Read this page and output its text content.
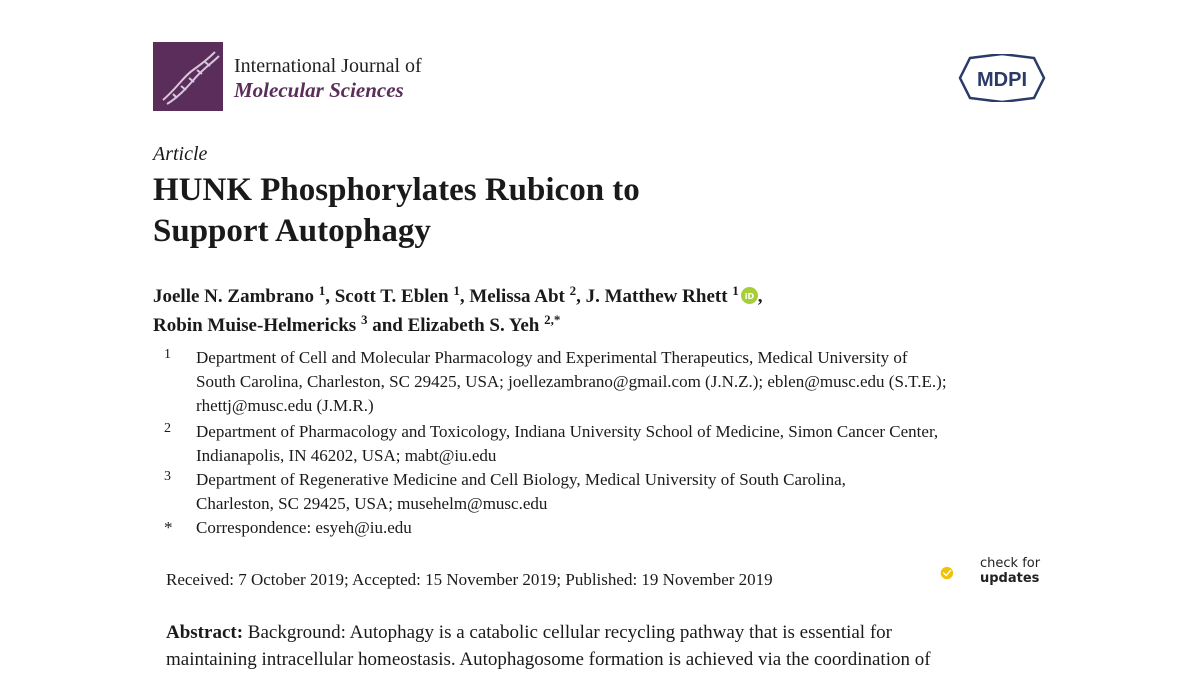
International Journal of
Molecular Sciences	MDPI
Article
HUNK Phosphorylates Rubicon to
Support Autophagy
Joelle N. Zambrano $^1$, Scott T. Eblen $^1$, Melissa Abt $^2$, J. Matthew Rhett $^1$ iD ,
Robin Muise-Helmericks $^3$ and Elizabeth S. Yeh $^{2,*}$
1 Department of Cell and Molecular Pharmacology and Experimental Therapeutics, Medical University of
South Carolina, Charleston, SC 29425, USA; joellezambrano@gmail.com (J.N.Z.); eblen@musc.edu (S.T.E.);
rhettj@musc.edu (J.M.R.)
2 Department of Pharmacology and Toxicology, Indiana University School of Medicine, Simon Cancer Center,
Indianapolis, IN 46202, USA; mabt@iu.edu
3 Department of Regenerative Medicine and Cell Biology, Medical University of South Carolina,
Charleston, SC 29425, USA; musehelm@musc.edu
* Correspondence: esyeh@iu.edu
Received: 7 October 2019; Accepted: 15 November 2019; Published: 19 November 2019
check for
updates
Abstract: Background: Autophagy is a catabolic cellular recycling pathway that is essential for
maintaining intracellular homeostasis. Autophagosome formation is achieved via the coordination of
